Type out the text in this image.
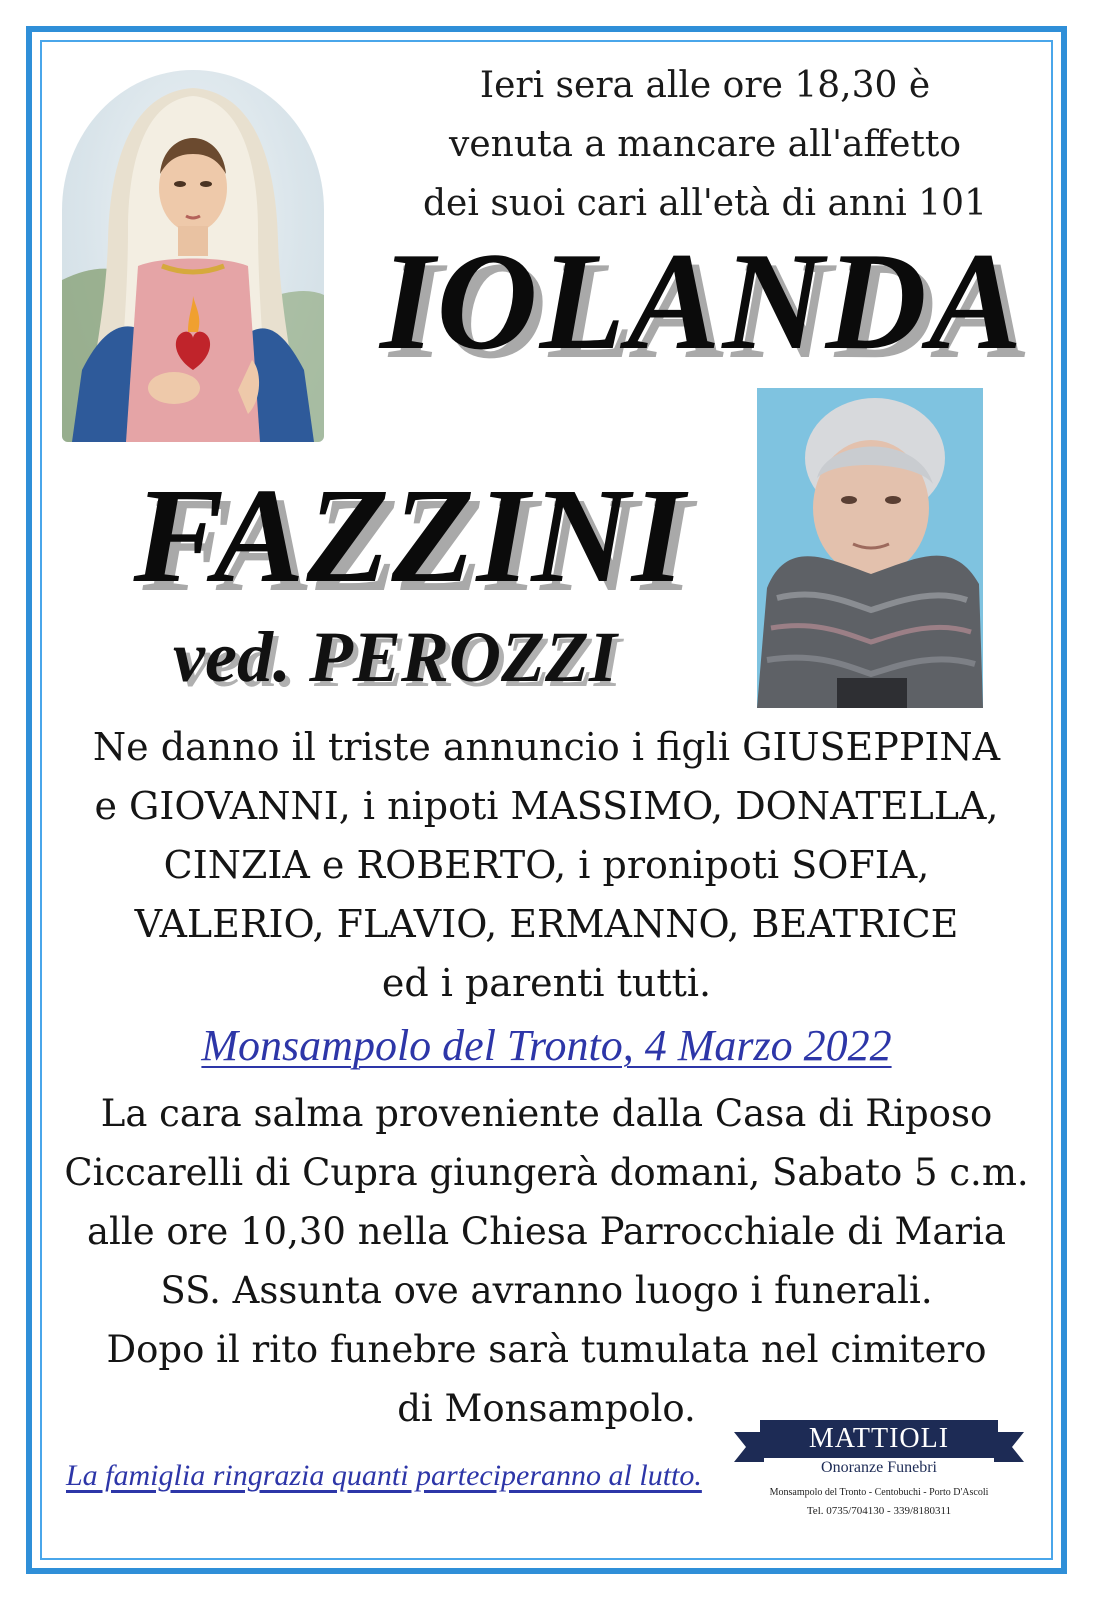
Ieri sera alle ore 18,30 è
venuta a mancare all'affetto
dei suoi cari all'età di anni 101
IOLANDA
FAZZINI
ved. PEROZZI
Ne danno il triste annuncio i figli GIUSEPPINA
e GIOVANNI, i nipoti MASSIMO, DONATELLA,
CINZIA e ROBERTO, i pronipoti SOFIA,
VALERIO, FLAVIO, ERMANNO, BEATRICE
ed i parenti tutti.
Monsampolo del Tronto, 4 Marzo 2022
La cara salma proveniente dalla Casa di Riposo
Ciccarelli di Cupra giungerà domani, Sabato 5 c.m.
alle ore 10,30 nella Chiesa Parrocchiale di Maria
SS. Assunta ove avranno luogo i funerali.
Dopo il rito funebre sarà tumulata nel cimitero
di Monsampolo.
La famiglia ringrazia quanti parteciperanno al lutto.
MATTIOLI
Onoranze Funebri
Monsampolo del Tronto - Centobuchi - Porto D'Ascoli
Tel. 0735/704130 - 339/8180311
